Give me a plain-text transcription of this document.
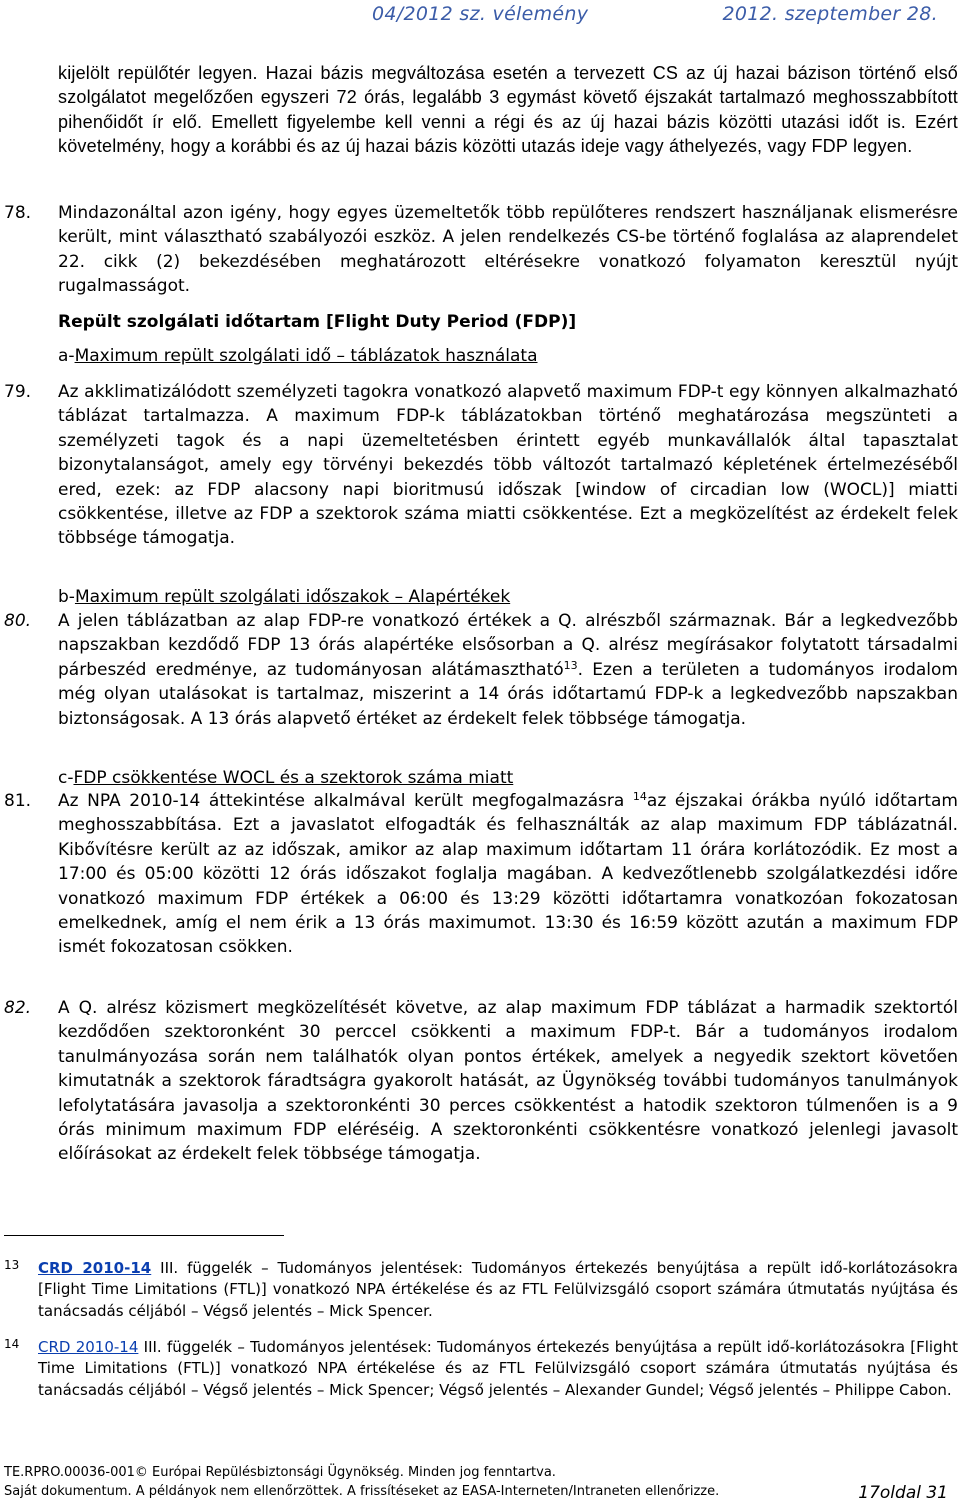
04/2012 sz. vélemény	2012. szeptember 28.
kijelölt repülőtér legyen. Hazai bázis megváltozása esetén a tervezett CS az új hazai bázison történő első szolgálatot megelőzően egyszeri 72 órás, legalább 3 egymást követő éjszakát tartalmazó meghosszabbított pihenőidőt ír elő. Emellett figyelembe kell venni a régi és az új hazai bázis közötti utazási időt is. Ezért követelmény, hogy a korábbi és az új hazai bázis közötti utazás ideje vagy áthelyezés, vagy FDP legyen.
78. Mindazonáltal azon igény, hogy egyes üzemeltetők több repülőteres rendszert használjanak elismerésre került, mint választható szabályozói eszköz. A jelen rendelkezés CS-be történő foglalása az alaprendelet 22. cikk (2) bekezdésében meghatározott eltérésekre vonatkozó folyamaton keresztül nyújt rugalmasságot.
Repült szolgálati időtartam [Flight Duty Period (FDP)]
a-Maximum repült szolgálati idő – táblázatok használata
79. Az akklimatizálódott személyzeti tagokra vonatkozó alapvető maximum FDP-t egy könnyen alkalmazható táblázat tartalmazza. A maximum FDP-k táblázatokban történő meghatározása megszünteti a személyzeti tagok és a napi üzemeltetésben érintett egyéb munkavállalók által tapasztalat bizonytalanságot, amely egy törvényi bekezdés több változót tartalmazó képletének értelmezéséből ered, ezek: az FDP alacsony napi bioritmusú időszak [window of circadian low (WOCL)] miatti csökkentése, illetve az FDP a szektorok száma miatti csökkentése. Ezt a megközelítést az érdekelt felek többsége támogatja.
b-Maximum repült szolgálati időszakok – Alapértékek
80. A jelen táblázatban az alap FDP-re vonatkozó értékek a Q. alrészből származnak. Bár a legkedvezőbb napszakban kezdődő FDP 13 órás alapértéke elsősorban a Q. alrész megírásakor folytatott társadalmi párbeszéd eredménye, az tudományosan alátámasztható$^{13}$. Ezen a területen a tudományos irodalom még olyan utalásokat is tartalmaz, miszerint a 14 órás időtartamú FDP-k a legkedvezőbb napszakban biztonságosak. A 13 órás alapvető értéket az érdekelt felek többsége támogatja.
c-FDP csökkentése WOCL és a szektorok száma miatt
81. Az NPA 2010-14 áttekintése alkalmával került megfogalmazásra $^{14}$az éjszakai órákba nyúló időtartam meghosszabbítása. Ezt a javaslatot elfogadták és felhasználták az alap maximum FDP táblázatnál. Kibővítésre került az az időszak, amikor az alap maximum időtartam 11 órára korlátozódik. Ez most a 17:00 és 05:00 közötti 12 órás időszakot foglalja magában. A kedvezőtlenebb szolgálatkezdési időre vonatkozó maximum FDP értékek a 06:00 és 13:29 közötti időtartamra vonatkozóan fokozatosan emelkednek, amíg el nem érik a 13 órás maximumot. 13:30 és 16:59 között azután a maximum FDP ismét fokozatosan csökken.
82. A Q. alrész közismert megközelítését követve, az alap maximum FDP táblázat a harmadik szektortól kezdődően szektoronként 30 perccel csökkenti a maximum FDP-t. Bár a tudományos irodalom tanulmányozása során nem találhatók olyan pontos értékek, amelyek a negyedik szektort követően kimutatnák a szektorok fáradtságra gyakorolt hatását, az Ügynökség további tudományos tanulmányok lefolytatására javasolja a szektoronkénti 30 perces csökkentést a hatodik szektoron túlmenően is a 9 órás minimum maximum FDP eléréséig. A szektoronkénti csökkentésre vonatkozó jelenlegi javasolt előírásokat az érdekelt felek többsége támogatja.
13 CRD 2010-14 III. függelék – Tudományos jelentések: Tudományos értekezés benyújtása a repült idő-korlátozásokra [Flight Time Limitations (FTL)] vonatkozó NPA értékelése és az FTL Felülvizsgáló csoport számára útmutatás nyújtása és tanácsadás céljából – Végső jelentés – Mick Spencer.
14 CRD 2010-14 III. függelék – Tudományos jelentések: Tudományos értekezés benyújtása a repült idő-korlátozásokra [Flight Time Limitations (FTL)] vonatkozó NPA értékelése és az FTL Felülvizsgáló csoport számára útmutatás nyújtása és tanácsadás céljából – Végső jelentés – Mick Spencer; Végső jelentés – Alexander Gundel; Végső jelentés – Philippe Cabon.
TE.RPRO.00036-001© Európai Repülésbiztonsági Ügynökség. Minden jog fenntartva.
Saját dokumentum. A példányok nem ellenőrzöttek. A frissítéseket az EASA-Interneten/Intraneten ellenőrizze.	17oldal 31
